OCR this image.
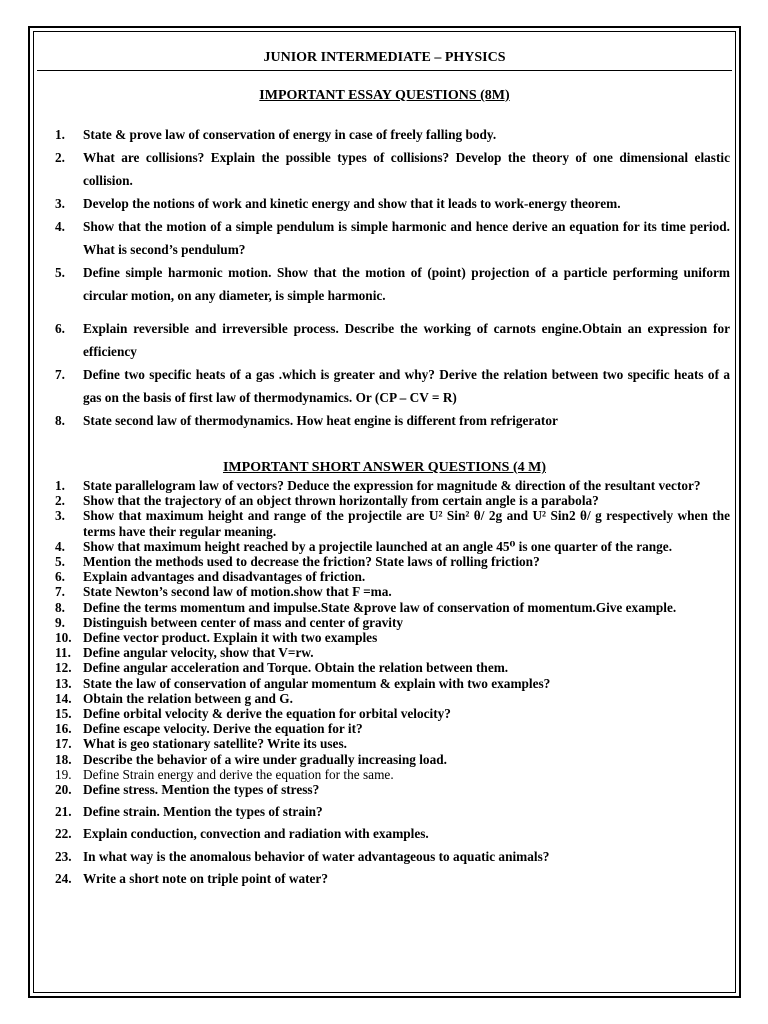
JUNIOR INTERMEDIATE – PHYSICS
IMPORTANT ESSAY QUESTIONS (8M)
1.	State & prove law of conservation of energy in case of freely falling body.
2.	What are collisions? Explain the possible types of collisions? Develop the theory of one dimensional elastic collision.
3.	Develop the notions of work and kinetic energy and show that it leads to work-energy theorem.
4.	Show that the motion of a simple pendulum is simple harmonic and hence derive an equation for its time period. What is second’s pendulum?
5.	Define simple harmonic motion. Show that the motion of (point) projection of a particle performing uniform circular motion, on any diameter, is simple harmonic.
6.	Explain reversible and irreversible process. Describe the working of carnots engine.Obtain an expression for efficiency
7.	Define two specific heats of a gas .which is greater and why? Derive the relation between two specific heats of a gas on the basis of first law of thermodynamics. Or (CP – CV = R)
8.	State second law of thermodynamics. How heat engine is different from refrigerator
IMPORTANT SHORT ANSWER QUESTIONS (4 M)
1.	State parallelogram law of vectors? Deduce the expression for magnitude & direction of the resultant vector?
2.	Show that the trajectory of an object thrown horizontally from certain angle is a parabola?
3.	Show that maximum height and range of the projectile are U² Sin² θ/ 2g and U² Sin2 θ/ g respectively when the terms have their regular meaning.
4.	Show that maximum height reached by a projectile launched at an angle 45⁰ is one quarter of the range.
5.	Mention the methods used to decrease the friction? State laws of rolling friction?
6.	Explain advantages and disadvantages of friction.
7.	State Newton’s second law of motion.show that F =ma.
8.	Define the terms momentum and impulse.State &prove law of conservation of momentum.Give example.
9.	Distinguish between center of mass and center of gravity
10. Define vector product. Explain it with two examples
11. Define angular velocity, show that V=rw.
12. Define angular acceleration and Torque. Obtain the relation between them.
13. State the law of conservation of angular momentum & explain with two examples?
14. Obtain the relation between g and G.
15. Define orbital velocity & derive the equation for orbital velocity?
16. Define escape velocity. Derive the equation for it?
17. What is geo stationary satellite? Write its uses.
18. Describe the behavior of a wire under gradually increasing load.
19. Define Strain energy and derive the equation for the same.
20. Define stress. Mention the types of stress?
21. Define strain. Mention the types of strain?
22. Explain conduction, convection and radiation with examples.
23. In what way is the anomalous behavior of water advantageous to aquatic animals?
24. Write a short note on triple point of water?
